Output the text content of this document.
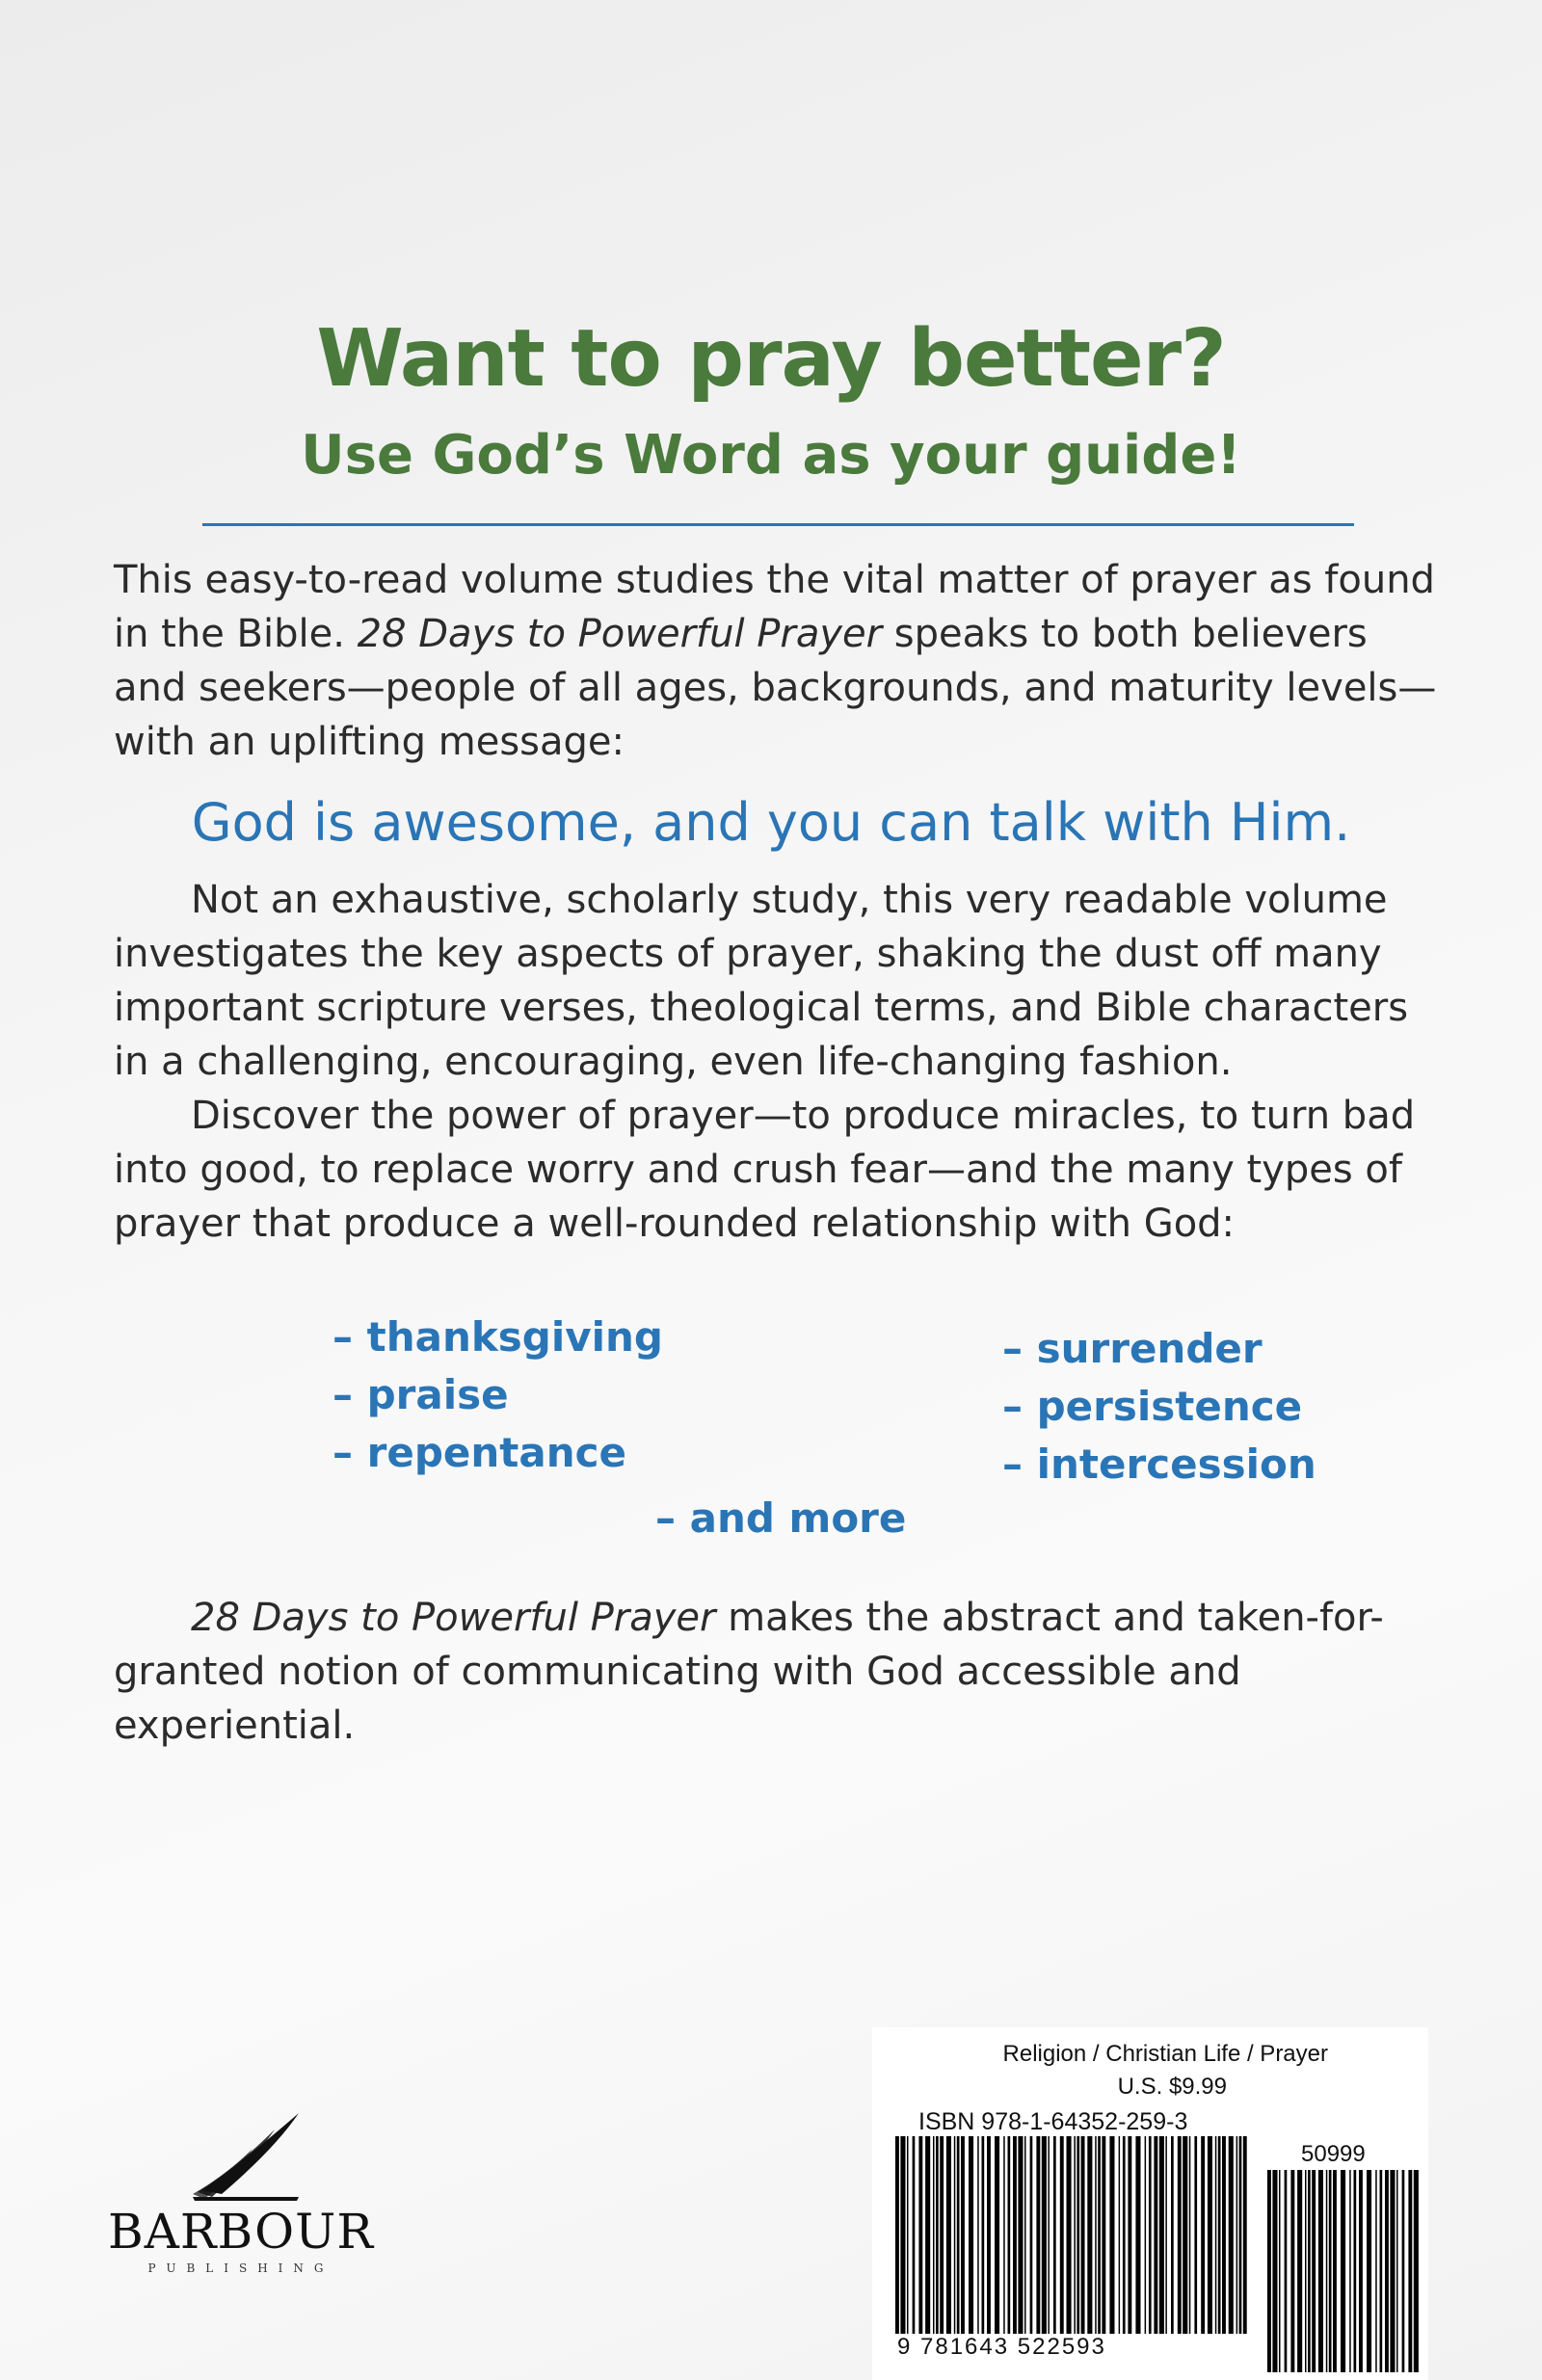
Want to pray better?
Use God’s Word as your guide!

This easy-to-read volume studies the vital matter of prayer as found in the Bible. 28 Days to Powerful Prayer speaks to both believers and seekers—people of all ages, backgrounds, and maturity levels—with an uplifting message:

God is awesome, and you can talk with Him.

Not an exhaustive, scholarly study, this very readable volume investigates the key aspects of prayer, shaking the dust off many important scripture verses, theological terms, and Bible characters in a challenging, encouraging, even life-changing fashion.

Discover the power of prayer—to produce miracles, to turn bad into good, to replace worry and crush fear—and the many types of prayer that produce a well-rounded relationship with God:

– thanksgiving
– praise
– repentance
– surrender
– persistence
– intercession
– and more

28 Days to Powerful Prayer makes the abstract and taken-for-granted notion of communicating with God accessible and experiential.

BARBOUR
PUBLISHING
Religion / Christian Life / Prayer
U.S. $9.99
ISBN 978-1-64352-259-3
50999
9 781643 522593
